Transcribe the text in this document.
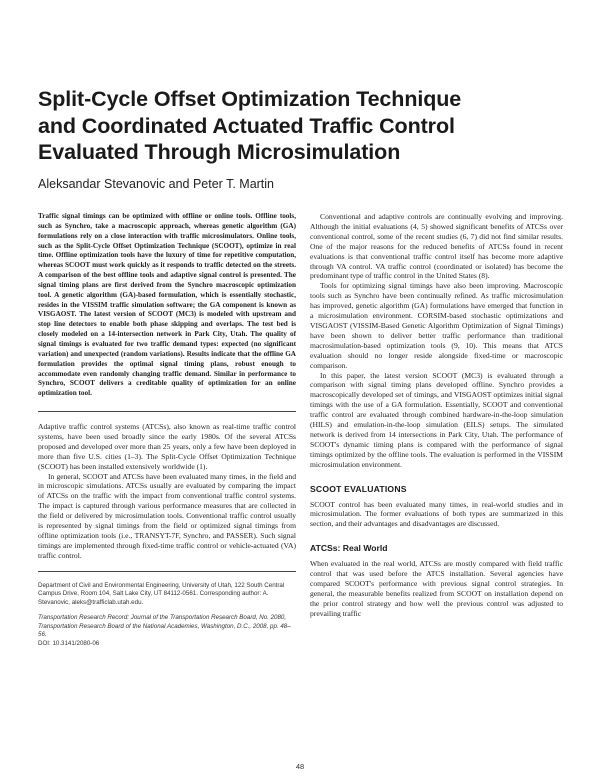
Split-Cycle Offset Optimization Technique
and Coordinated Actuated Traffic Control
Evaluated Through Microsimulation

Aleksandar Stevanovic and Peter T. Martin

Traffic signal timings can be optimized with offline or online tools. Offline tools, such as Synchro, take a macroscopic approach, whereas genetic algorithm (GA) formulations rely on a close interaction with traffic microsimulators. Online tools, such as the Split-Cycle Offset Optimization Technique (SCOOT), optimize in real time. Offline optimization tools have the luxury of time for repetitive computation, whereas SCOOT must work quickly as it responds to traffic detected on the streets. A comparison of the best offline tools and adaptive signal control is presented. The signal timing plans are first derived from the Synchro macroscopic optimization tool. A genetic algorithm (GA)-based formulation, which is essentially stochastic, resides in the VISSIM traffic simulation software; the GA component is known as VISGAOST. The latest version of SCOOT (MC3) is modeled with upstream and stop line detectors to enable both phase skipping and overlaps. The test bed is closely modeled on a 14-intersection network in Park City, Utah. The quality of signal timings is evaluated for two traffic demand types: expected (no significant variation) and unexpected (random variations). Results indicate that the offline GA formulation provides the optimal signal timing plans, robust enough to accommodate even randomly changing traffic demand. Similar in performance to Synchro, SCOOT delivers a creditable quality of optimization for an online optimization tool.

Adaptive traffic control systems (ATCSs), also known as real-time traffic control systems, have been used broadly since the early 1980s. Of the several ATCSs proposed and developed over more than 25 years, only a few have been deployed in more than five U.S. cities (1–3). The Split-Cycle Offset Optimization Technique (SCOOT) has been installed extensively worldwide (1).

In general, SCOOT and ATCSs have been evaluated many times, in the field and in microscopic simulations. ATCSs usually are evaluated by comparing the impact of ATCSs on the traffic with the impact from conventional traffic control systems. The impact is captured through various performance measures that are collected in the field or delivered by microsimulation tools. Conventional traffic control usually is represented by signal timings from the field or optimized signal timings from offline optimization tools (i.e., TRANSYT-7F, Synchro, and PASSER). Such signal timings are implemented through fixed-time traffic control or vehicle-actuated (VA) traffic control.

Department of Civil and Environmental Engineering, University of Utah, 122 South Central Campus Drive, Room 104, Salt Lake City, UT 84112-0561. Corresponding author: A. Stevanovic, aleks@trafficlab.utah.edu.

Transportation Research Record: Journal of the Transportation Research Board, No. 2080, Transportation Research Board of the National Academies, Washington, D.C., 2008, pp. 48–56.

DOI: 10.3141/2080-06

Conventional and adaptive controls are continually evolving and improving. Although the initial evaluations (4, 5) showed significant benefits of ATCSs over conventional control, some of the recent studies (6, 7) did not find similar results. One of the major reasons for the reduced benefits of ATCSs found in recent evaluations is that conventional traffic control itself has become more adaptive through VA control. VA traffic control (coordinated or isolated) has become the predominant type of traffic control in the United States (8).

Tools for optimizing signal timings have also been improving. Macroscopic tools such as Synchro have been continually refined. As traffic microsimulation has improved, genetic algorithm (GA) formulations have emerged that function in a microsimulation environment. CORSIM-based stochastic optimizations and VISGAOST (VISSIM-Based Genetic Algorithm Optimization of Signal Timings) have been shown to deliver better traffic performance than traditional macrosimulation-based optimization tools (9, 10). This means that ATCS evaluation should no longer reside alongside fixed-time or macroscopic comparison.

In this paper, the latest version SCOOT (MC3) is evaluated through a comparison with signal timing plans developed offline. Synchro provides a macroscopically developed set of timings, and VISGAOST optimizes initial signal timings with the use of a GA formulation. Essentially, SCOOT and conventional traffic control are evaluated through combined hardware-in-the-loop simulation (HILS) and emulation-in-the-loop simulation (EILS) setups. The simulated network is derived from 14 intersections in Park City, Utah. The performance of SCOOT's dynamic timing plans is compared with the performance of signal timings optimized by the offline tools. The evaluation is performed in the VISSIM microsimulation environment.

SCOOT EVALUATIONS

SCOOT control has been evaluated many times, in real-world studies and in microsimulation. The former evaluations of both types are summarized in this section, and their advantages and disadvantages are discussed.

ATCSs: Real World

When evaluated in the real world, ATCSs are mostly compared with field traffic control that was used before the ATCS installation. Several agencies have compared SCOOT's performance with previous signal control strategies. In general, the measurable benefits realized from SCOOT on installation depend on the prior control strategy and how well the previous control was adjusted to prevailing traffic

48
